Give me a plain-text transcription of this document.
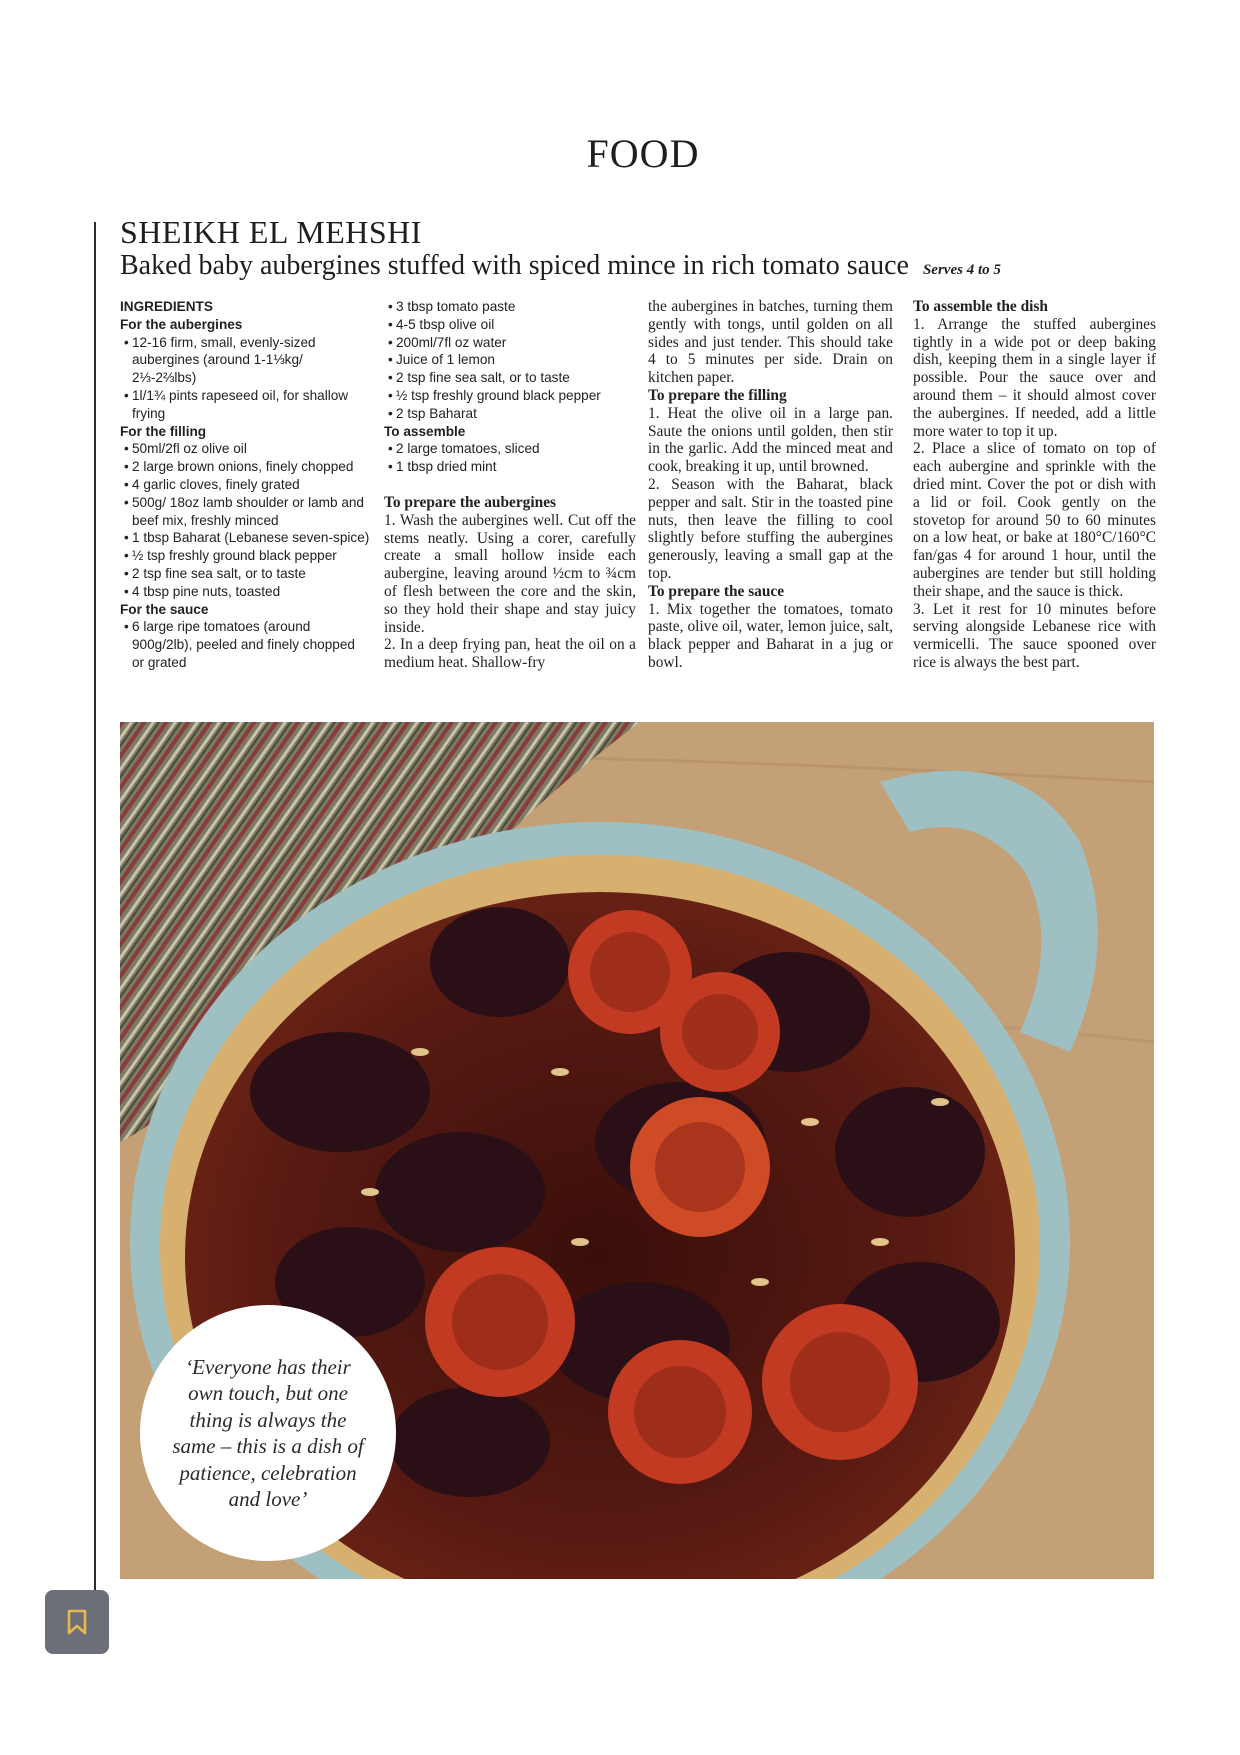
FOOD
SHEIKH EL MEHSHI
Baked baby aubergines stuffed with spiced mince in rich tomato sauce Serves 4 to 5
INGREDIENTS
For the aubergines
• 12-16 firm, small, evenly-sized aubergines (around 1-1⅓kg/ 2⅓-2⅔lbs)
• 1l/1¾ pints rapeseed oil, for shallow frying
For the filling
• 50ml/2fl oz olive oil
• 2 large brown onions, finely chopped
• 4 garlic cloves, finely grated
• 500g/ 18oz lamb shoulder or lamb and beef mix, freshly minced
• 1 tbsp Baharat (Lebanese seven-spice)
• ½ tsp freshly ground black pepper
• 2 tsp fine sea salt, or to taste
• 4 tbsp pine nuts, toasted
For the sauce
• 6 large ripe tomatoes (around 900g/2lb), peeled and finely chopped or grated
• 3 tbsp tomato paste
• 4-5 tbsp olive oil
• 200ml/7fl oz water
• Juice of 1 lemon
• 2 tsp fine sea salt, or to taste
• ½ tsp freshly ground black pepper
• 2 tsp Baharat
To assemble
• 2 large tomatoes, sliced
• 1 tbsp dried mint

To prepare the aubergines

1. Wash the aubergines well. Cut off the stems neatly. Using a corer, carefully create a small hollow inside each aubergine, leaving around ½cm to ¾cm of flesh between the core and the skin, so they hold their shape and stay juicy inside.

2. In a deep frying pan, heat the oil on a medium heat. Shallow-fry

the aubergines in batches, turning them gently with tongs, until golden on all sides and just tender. This should take 4 to 5 minutes per side. Drain on kitchen paper.

To prepare the filling

1. Heat the olive oil in a large pan. Saute the onions until golden, then stir in the garlic. Add the minced meat and cook, breaking it up, until browned.

2. Season with the Baharat, black pepper and salt. Stir in the toasted pine nuts, then leave the filling to cool slightly before stuffing the aubergines generously, leaving a small gap at the top.

To prepare the sauce

1. Mix together the tomatoes, tomato paste, olive oil, water, lemon juice, salt, black pepper and Baharat in a jug or bowl.

To assemble the dish

1. Arrange the stuffed aubergines tightly in a wide pot or deep baking dish, keeping them in a single layer if possible. Pour the sauce over and around them – it should almost cover the aubergines. If needed, add a little more water to top it up.

2. Place a slice of tomato on top of each aubergine and sprinkle with the dried mint. Cover the pot or dish with a lid or foil. Cook gently on the stovetop for around 50 to 60 minutes on a low heat, or bake at 180°C/160°C fan/gas 4 for around 1 hour, until the aubergines are tender but still holding their shape, and the sauce is thick.

3. Let it rest for 10 minutes before serving alongside Lebanese rice with vermicelli. The sauce spooned over rice is always the best part.

‘Everyone has their own touch, but one thing is always the same – this is a dish of patience, celebration and love’
